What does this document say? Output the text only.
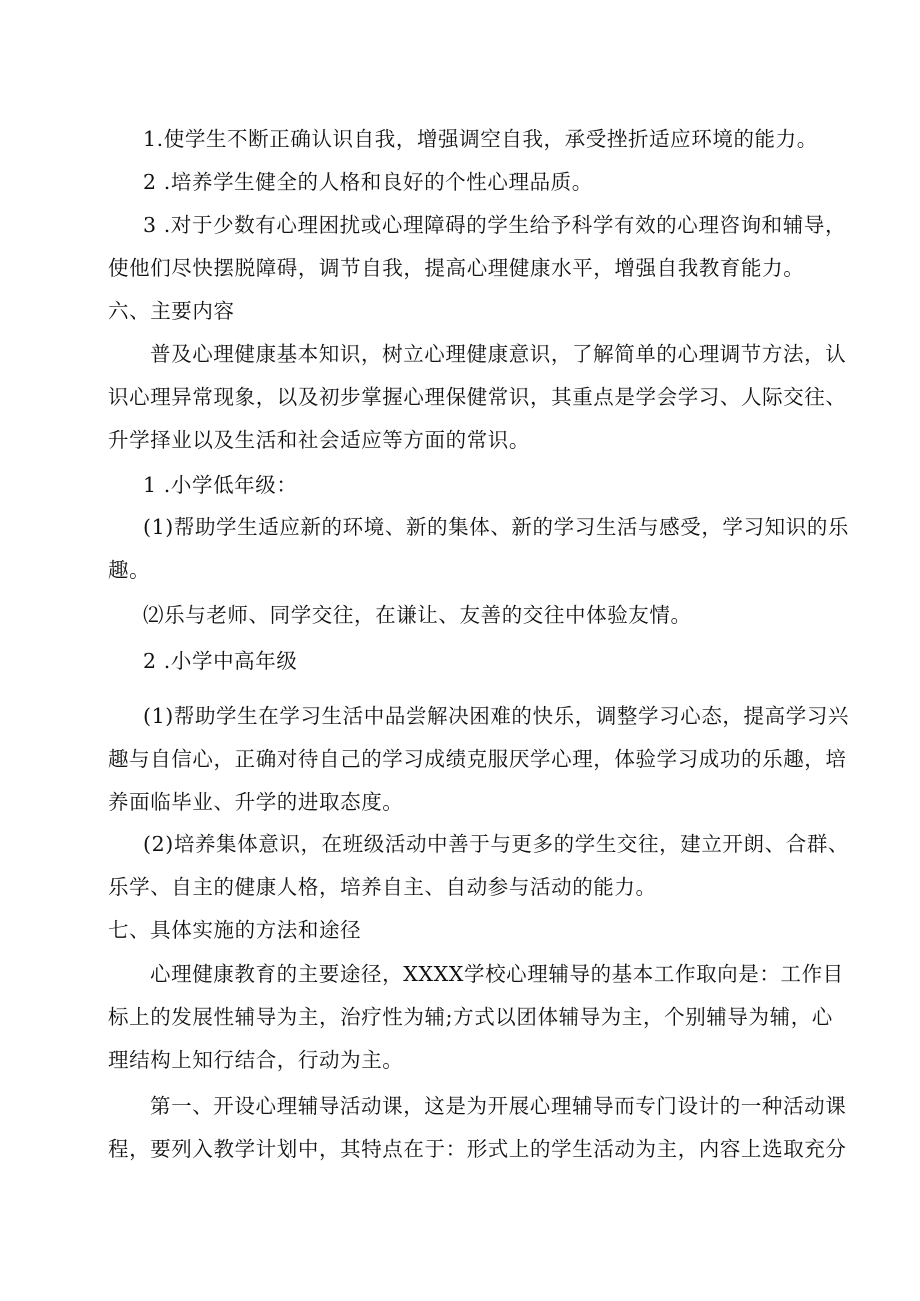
1.使学生不断正确认识自我，增强调空自我，承受挫折适应环境的能力。
2 .培养学生健全的人格和良好的个性心理品质。
3 .对于少数有心理困扰或心理障碍的学生给予科学有效的心理咨询和辅导，
使他们尽快摆脱障碍，调节自我，提高心理健康水平，增强自我教育能力。
六、主要内容
普及心理健康基本知识，树立心理健康意识，了解简单的心理调节方法，认
识心理异常现象，以及初步掌握心理保健常识，其重点是学会学习、人际交往、
升学择业以及生活和社会适应等方面的常识。
1 .小学低年级：
(1)帮助学生适应新的环境、新的集体、新的学习生活与感受，学习知识的乐
趣。
⑵乐与老师、同学交往，在谦让、友善的交往中体验友情。
2 .小学中高年级
(1)帮助学生在学习生活中品尝解决困难的快乐，调整学习心态，提高学习兴
趣与自信心，正确对待自己的学习成绩克服厌学心理，体验学习成功的乐趣，培
养面临毕业、升学的进取态度。
(2)培养集体意识，在班级活动中善于与更多的学生交往，建立开朗、合群、
乐学、自主的健康人格，培养自主、自动参与活动的能力。
七、具体实施的方法和途径
心理健康教育的主要途径，XXXX学校心理辅导的基本工作取向是：工作目
标上的发展性辅导为主，治疗性为辅;方式以团体辅导为主，个别辅导为辅，心
理结构上知行结合，行动为主。
第一、开设心理辅导活动课，这是为开展心理辅导而专门设计的一种活动课
程，要列入教学计划中，其特点在于：形式上的学生活动为主，内容上选取充分
